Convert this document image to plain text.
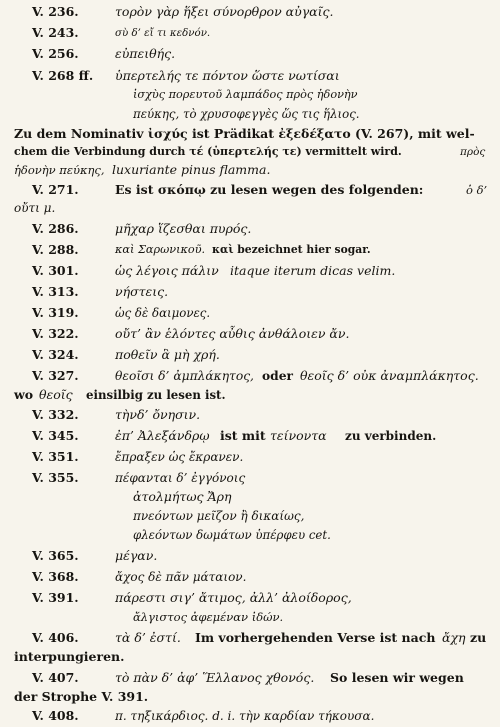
V. 236.	τορὸν γὰρ ἥξει σύνορθρον αὐγαῖς.
V. 243.	σὺ δ’ εἴ τι κεδνόν.
V. 256.	εὐπειθής.
V. 268 ff.	ὑπερτελής τε πόντον ὥστε νωτίσαι
ἰσχὺς πορευτοῦ λαμπάδος πρὸς ἡδονὴν
πεύκης, τὸ χρυσοφεγγὲς ὥς τις ἥλιος.
Zu dem Nominativ ἰσχύς ist Prädikat ἐξεδέξατο (V. 267), mit wel-
chem die Verbindung durch τέ (ὑπερτελής τε) vermittelt wird.	πρὸς
ἡδονὴν πεύκης, luxuriante pinus flamma.
V. 271.	Es ist σκόπῳ zu lesen wegen des folgenden:	ὁ δ’
οὔτι μ.
V. 286.	μῆχαρ ἵζεσθαι πυρός.
V. 288.	καὶ Σαρωνικοῦ. καὶ bezeichnet hier sogar.
V. 301.	ὡς λέγοις πάλιν itaque iterum dicas velim.
V. 313.	νήστεις.
V. 319.	ὡς δὲ δαιμονες.
V. 322.	οὔτ’ ἂν ἑλόντες αὖθις ἀνθάλοιεν ἄν.
V. 324.	ποθεῖν ἃ μὴ χρή.
V. 327.	θεοῖσι δ’ ἀμπλάκητος, oder θεοῖς δ’ οὐκ ἀναμπλάκητος.
wo θεοῖς	einsilbig zu lesen ist.
V. 332.	τὴνδ’ ὄνησιν.
V. 345.	ἐπ’ Ἀλεξάνδρῳ ist mit τείνοντα	zu verbinden.
V. 351.	ἔπραξεν ὡς ἔκρανεν.
V. 355.	πέφανται δ’ ἐγγόνοις
ἀτολμήτως Ἄρη
πνεόντων μεῖζον ἢ δικαίως,
φλεόντων δωμάτων ὑπέρφευ cet.
V. 365.	μέγαν.
V. 368.	ἄχος δὲ πᾶν μάταιον.
V. 391.	πάρεστι σιγ’ ἄτιμος, ἀλλ’ ἀλοίδορος,
ἄλγιστος ἀφεμέναν ἰδών.
V. 406.	τὰ δ’ ἐστί.	Im vorhergehenden Verse ist nach ἄχη zu
interpungieren.
V. 407.	τὸ πὰν δ’ ἀφ’ Ἕλλανος χθονός.	So lesen wir wegen
der Strophe V. 391.
V. 408.	π. τηξικάρδιος. d. i. τὴν καρδίαν τήκουσα.
